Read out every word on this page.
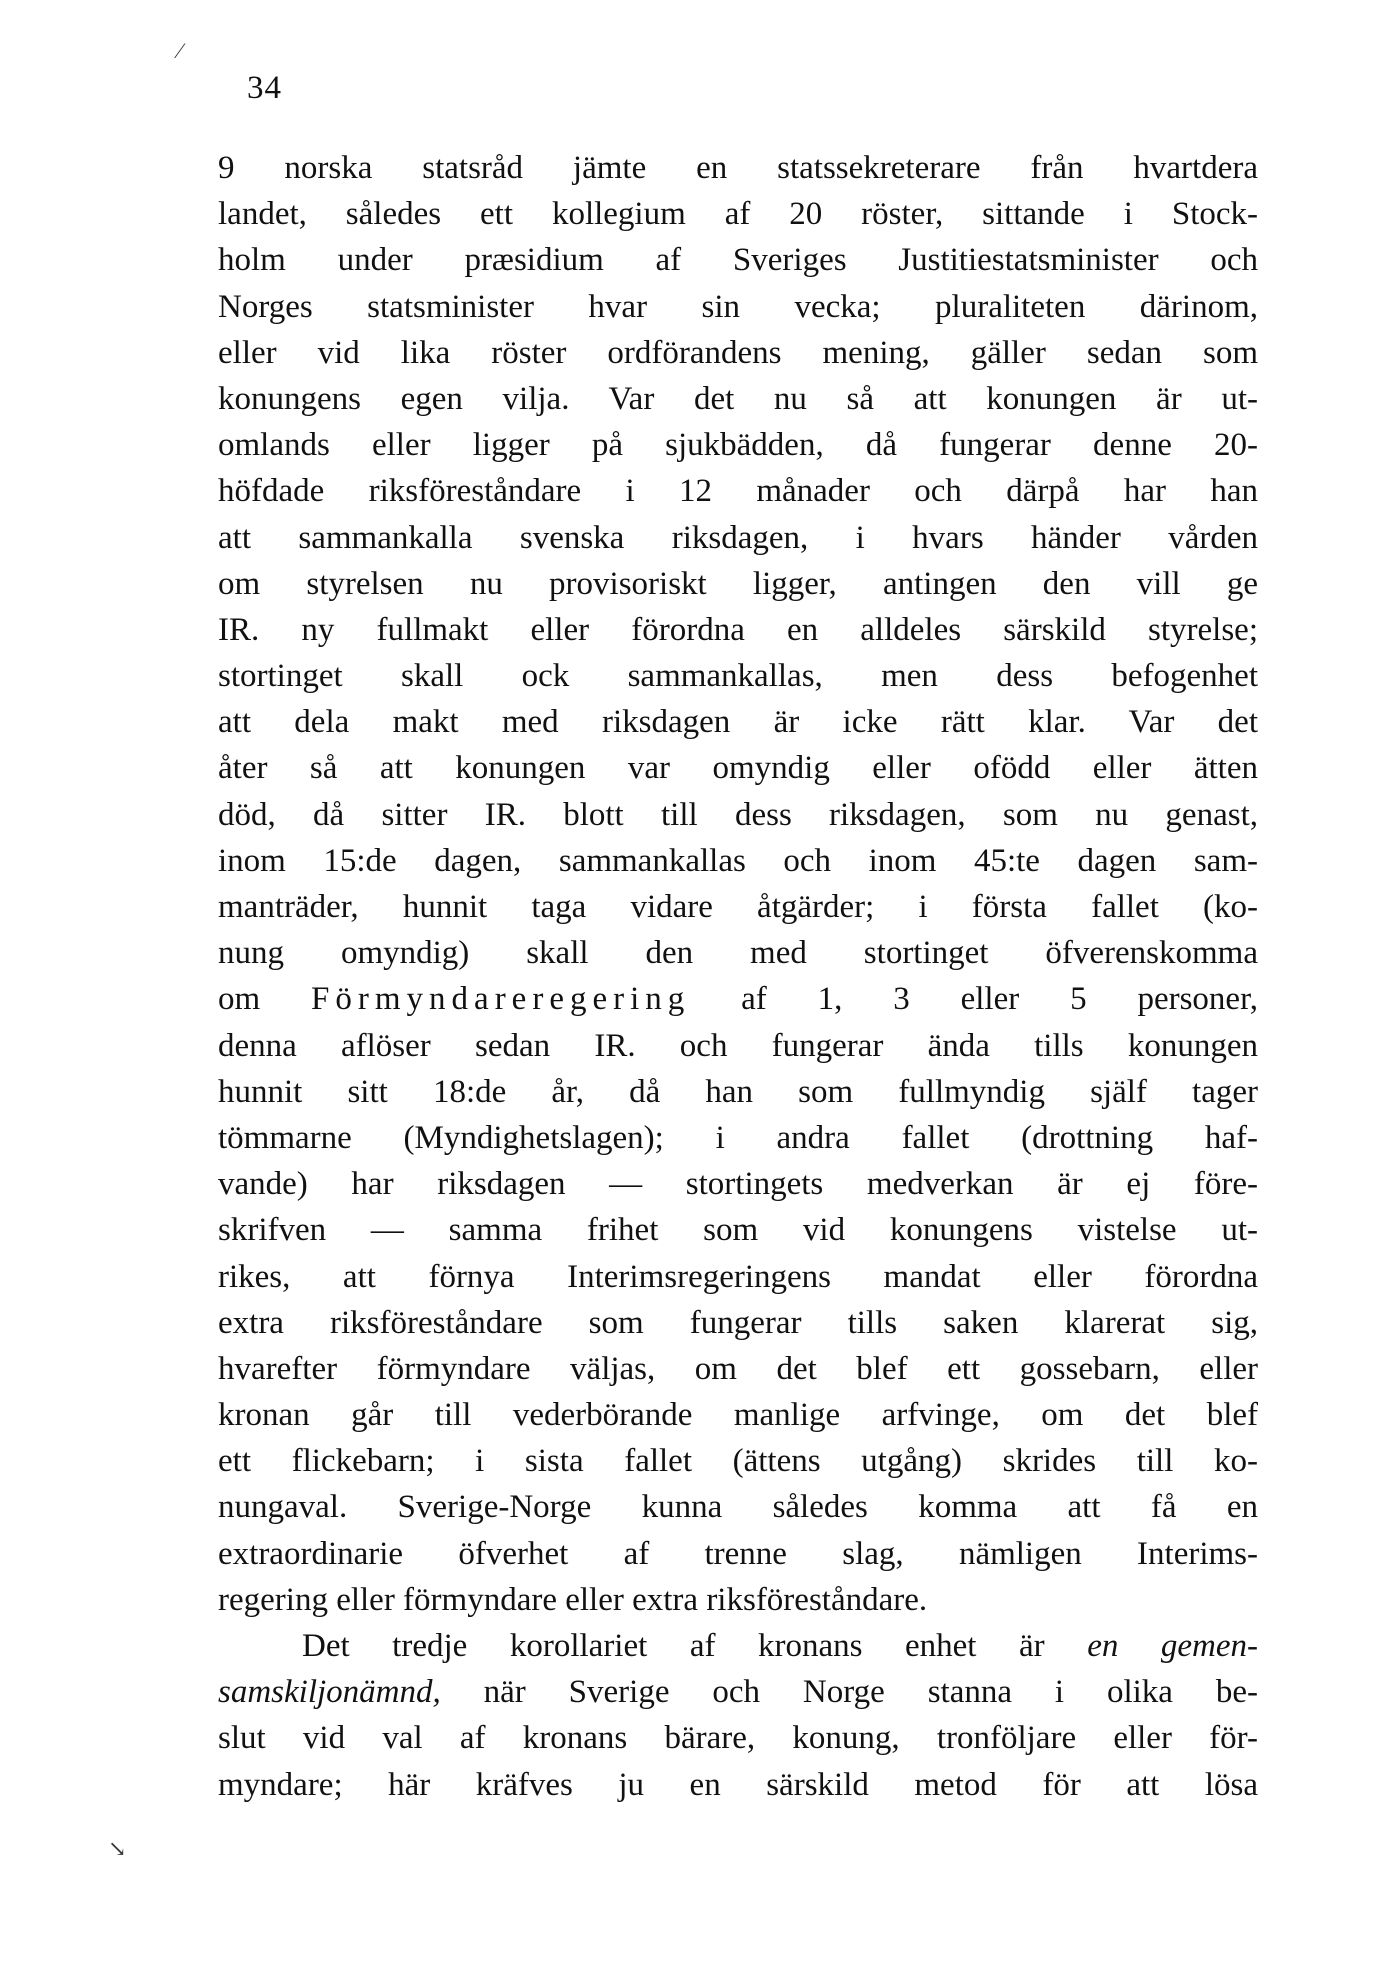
34
9 norska statsråd jämte en statssekreterare från hvartdera
landet, således ett kollegium af 20 röster, sittande i Stock-
holm under præsidium af Sveriges Justitiestatsminister och
Norges statsminister hvar sin vecka; pluraliteten därinom,
eller vid lika röster ordförandens mening, gäller sedan som
konungens egen vilja. Var det nu så att konungen är ut-
omlands eller ligger på sjukbädden, då fungerar denne 20-
höfdade riksföreståndare i 12 månader och därpå har han
att sammankalla svenska riksdagen, i hvars händer vården
om styrelsen nu provisoriskt ligger, antingen den vill ge
IR. ny fullmakt eller förordna en alldeles särskild styrelse;
stortinget skall ock sammankallas, men dess befogenhet
att dela makt med riksdagen är icke rätt klar. Var det
åter så att konungen var omyndig eller ofödd eller ätten
död, då sitter IR. blott till dess riksdagen, som nu genast,
inom 15:de dagen, sammankallas och inom 45:te dagen sam-
manträder, hunnit taga vidare åtgärder; i första fallet (ko-
nung omyndig) skall den med stortinget öfverenskomma
om Förmyndareregering af 1, 3 eller 5 personer,
denna aflöser sedan IR. och fungerar ända tills konungen
hunnit sitt 18:de år, då han som fullmyndig själf tager
tömmarne (Myndighetslagen); i andra fallet (drottning haf-
vande) har riksdagen — stortingets medverkan är ej före-
skrifven — samma frihet som vid konungens vistelse ut-
rikes, att förnya Interimsregeringens mandat eller förordna
extra riksföreståndare som fungerar tills saken klarerat sig,
hvarefter förmyndare väljas, om det blef ett gossebarn, eller
kronan går till vederbörande manlige arfvinge, om det blef
ett flickebarn; i sista fallet (ättens utgång) skrides till ko-
nungaval. Sverige-Norge kunna således komma att få en
extraordinarie öfverhet af trenne slag, nämligen Interims-
regering eller förmyndare eller extra riksföreståndare.
Det tredje korollariet af kronans enhet är en gemen-
samskiljonämnd, när Sverige och Norge stanna i olika be-
slut vid val af kronans bärare, konung, tronföljare eller för-
myndare; här kräfves ju en särskild metod för att lösa
⁄
↘
